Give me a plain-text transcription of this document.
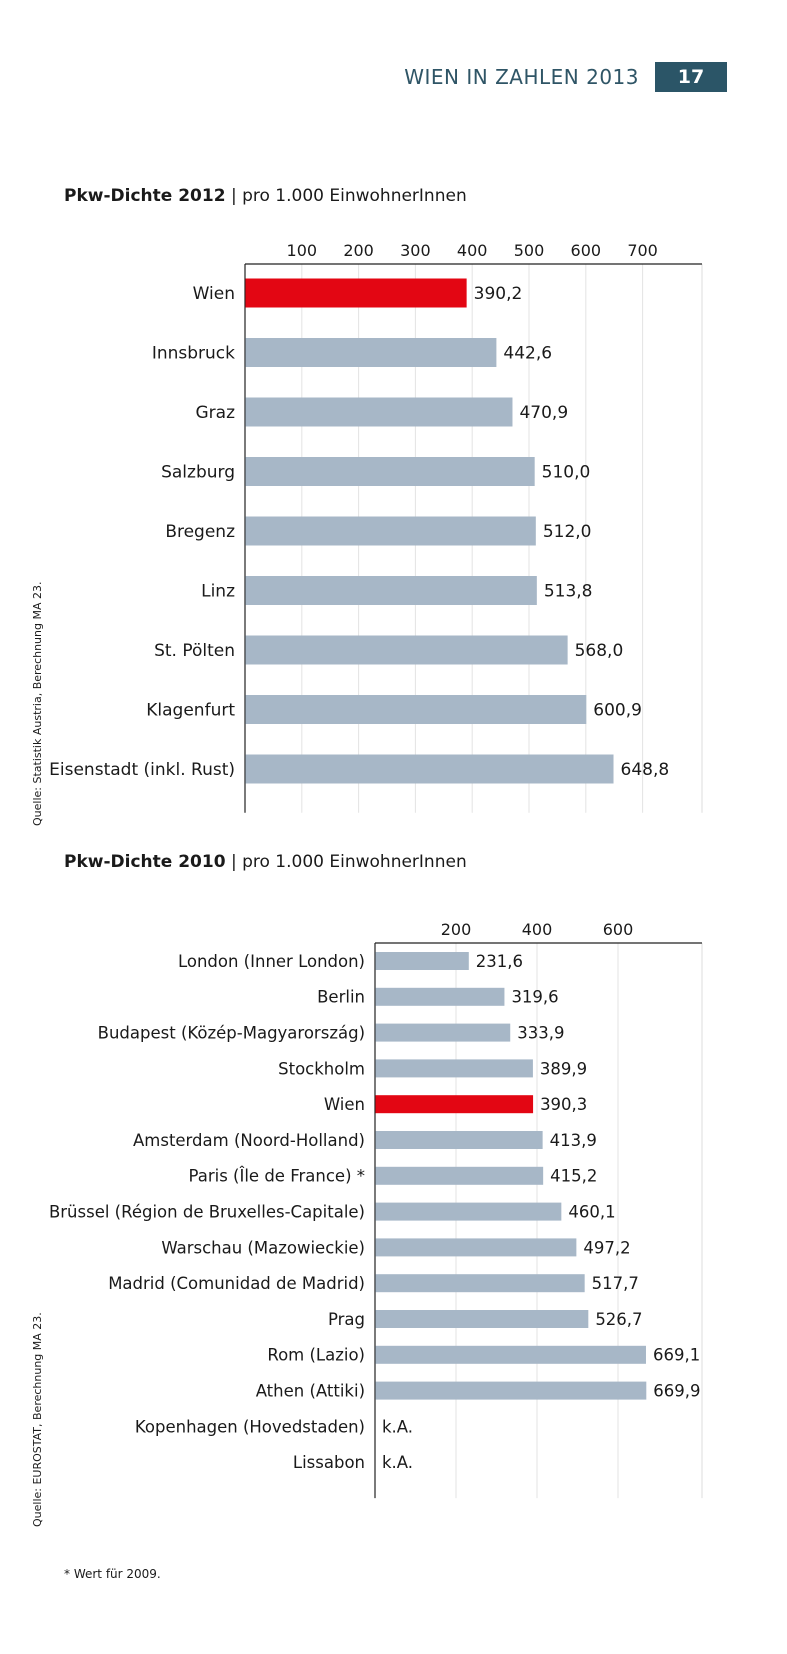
WIEN IN ZAHLEN 2013	17
Pkw-Dichte 2012 | pro 1.000 EinwohnerInnen
Quelle: Statistik Austria, Berechnung MA 23.
Pkw-Dichte 2010 | pro 1.000 EinwohnerInnen
Quelle: EUROSTAT, Berechnung MA 23.
* Wert für 2009.
100 200 300 400 500 600 700
Wien	390,2
Innsbruck	442,6
Graz	470,9
Salzburg	510,0
Bregenz	512,0
Linz	513,8
St. Pölten	568,0
Klagenfurt	600,9
Eisenstadt (inkl. Rust)	648,8
200	400	600
London (Inner London)	231,6
Berlin	319,6
Budapest (Közép-Magyarország)	333,9
Stockholm	389,9
Wien	390,3
Amsterdam (Noord-Holland)	413,9
Paris (Île de France) *	415,2
Brüssel (Région de Bruxelles-Capitale)	460,1
Warschau (Mazowieckie)	497,2
Madrid (Comunidad de Madrid)	517,7
Prag	526,7
Rom (Lazio)	669,1
Athen (Attiki)	669,9
Kopenhagen (Hovedstaden) k.A.
Lissabon k.A.
